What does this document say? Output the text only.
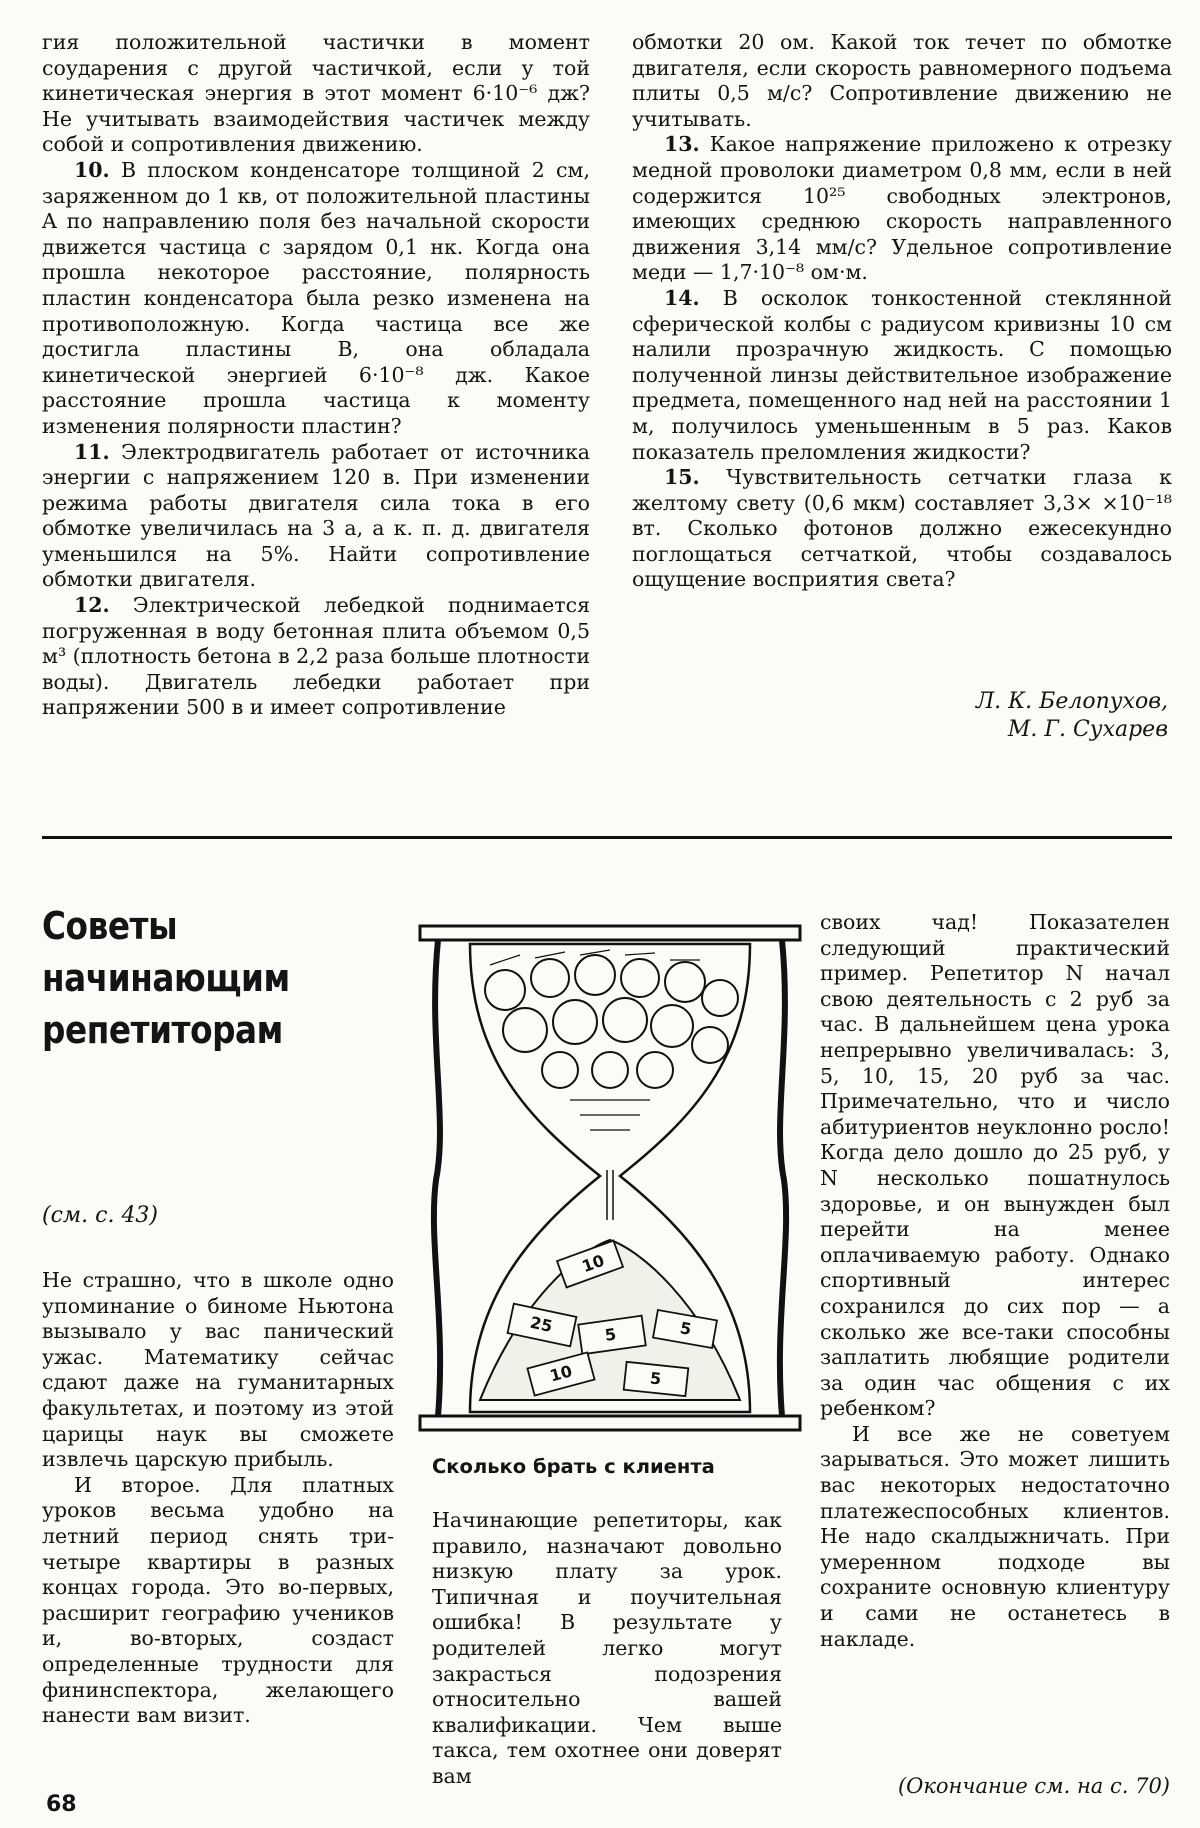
гия положительной частички в момент соударения с другой частичкой, если у той кинетическая энергия в этот момент 6·10⁻⁶ дж? Не учитывать взаимодействия частичек между собой и сопротивления движению.

10. В плоском конденсаторе толщиной 2 см, заряженном до 1 кв, от положительной пластины A по направлению поля без начальной скорости движется частица с зарядом 0,1 нк. Когда она прошла некоторое расстояние, полярность пластин конденсатора была резко изменена на противоположную. Когда частица все же достигла пластины B, она обладала кинетической энергией 6·10⁻⁸ дж. Какое расстояние прошла частица к моменту изменения полярности пластин?

11. Электродвигатель работает от источника энергии с напряжением 120 в. При изменении режима работы двигателя сила тока в его обмотке увеличилась на 3 а, а к. п. д. двигателя уменьшился на 5%. Найти сопротивление обмотки двигателя.

12. Электрической лебедкой поднимается погруженная в воду бетонная плита объемом 0,5 м³ (плотность бетона в 2,2 раза больше плотности воды). Двигатель лебедки работает при напряжении 500 в и имеет сопротивление

обмотки 20 ом. Какой ток течет по обмотке двигателя, если скорость равномерного подъема плиты 0,5 м/с? Сопротивление движению не учитывать.

13. Какое напряжение приложено к отрезку медной проволоки диаметром 0,8 мм, если в ней содержится 10²⁵ свободных электронов, имеющих среднюю скорость направленного движения 3,14 мм/с? Удельное сопротивление меди — 1,7·10⁻⁸ ом·м.

14. В осколок тонкостенной стеклянной сферической колбы с радиусом кривизны 10 см налили прозрачную жидкость. С помощью полученной линзы действительное изображение предмета, помещенного над ней на расстоянии 1 м, получилось уменьшенным в 5 раз. Каков показатель преломления жидкости?

15. Чувствительность сетчатки глаза к желтому свету (0,6 мкм) составляет 3,3× ×10⁻¹⁸ вт. Сколько фотонов должно ежесекундно поглощаться сетчаткой, чтобы создавалось ощущение восприятия света?

Л. К. Белопухов,
М. Г. Сухарев
Советы
начинающим
репетиторам
(см. с. 43)

Не страшно, что в школе одно упоминание о биноме Ньютона вызывало у вас панический ужас. Математику сейчас сдают даже на гуманитарных факультетах, и поэтому из этой царицы наук вы сможете извлечь царскую прибыль.

И второе. Для платных уроков весьма удобно на летний период снять три-четыре квартиры в разных концах города. Это во-первых, расширит географию учеников и, во-вторых, создаст определенные трудности для фининспектора, желающего нанести вам визит.

10
25	5	5
10	5
Сколько брать с клиента

Начинающие репетиторы, как правило, назначают довольно низкую плату за урок. Типичная и поучительная ошибка! В результате у родителей легко могут закрасться подозрения относительно вашей квалификации. Чем выше такса, тем охотнее они доверят вам

своих чад! Показателен следующий практический пример. Репетитор N начал свою деятельность с 2 руб за час. В дальнейшем цена урока непрерывно увеличивалась: 3, 5, 10, 15, 20 руб за час. Примечательно, что и число абитуриентов неуклонно росло! Когда дело дошло до 25 руб, у N несколько пошатнулось здоровье, и он вынужден был перейти на менее оплачиваемую работу. Однако спортивный интерес сохранился до сих пор — а сколько же все-таки способны заплатить любящие родители за один час общения с их ребенком?

И все же не советуем зарываться. Это может лишить вас некоторых недостаточно платежеспособных клиентов. Не надо скалдыжничать. При умеренном подходе вы сохраните основную клиентуру и сами не останетесь в накладе.

(Окончание см. на с. 70)
68
